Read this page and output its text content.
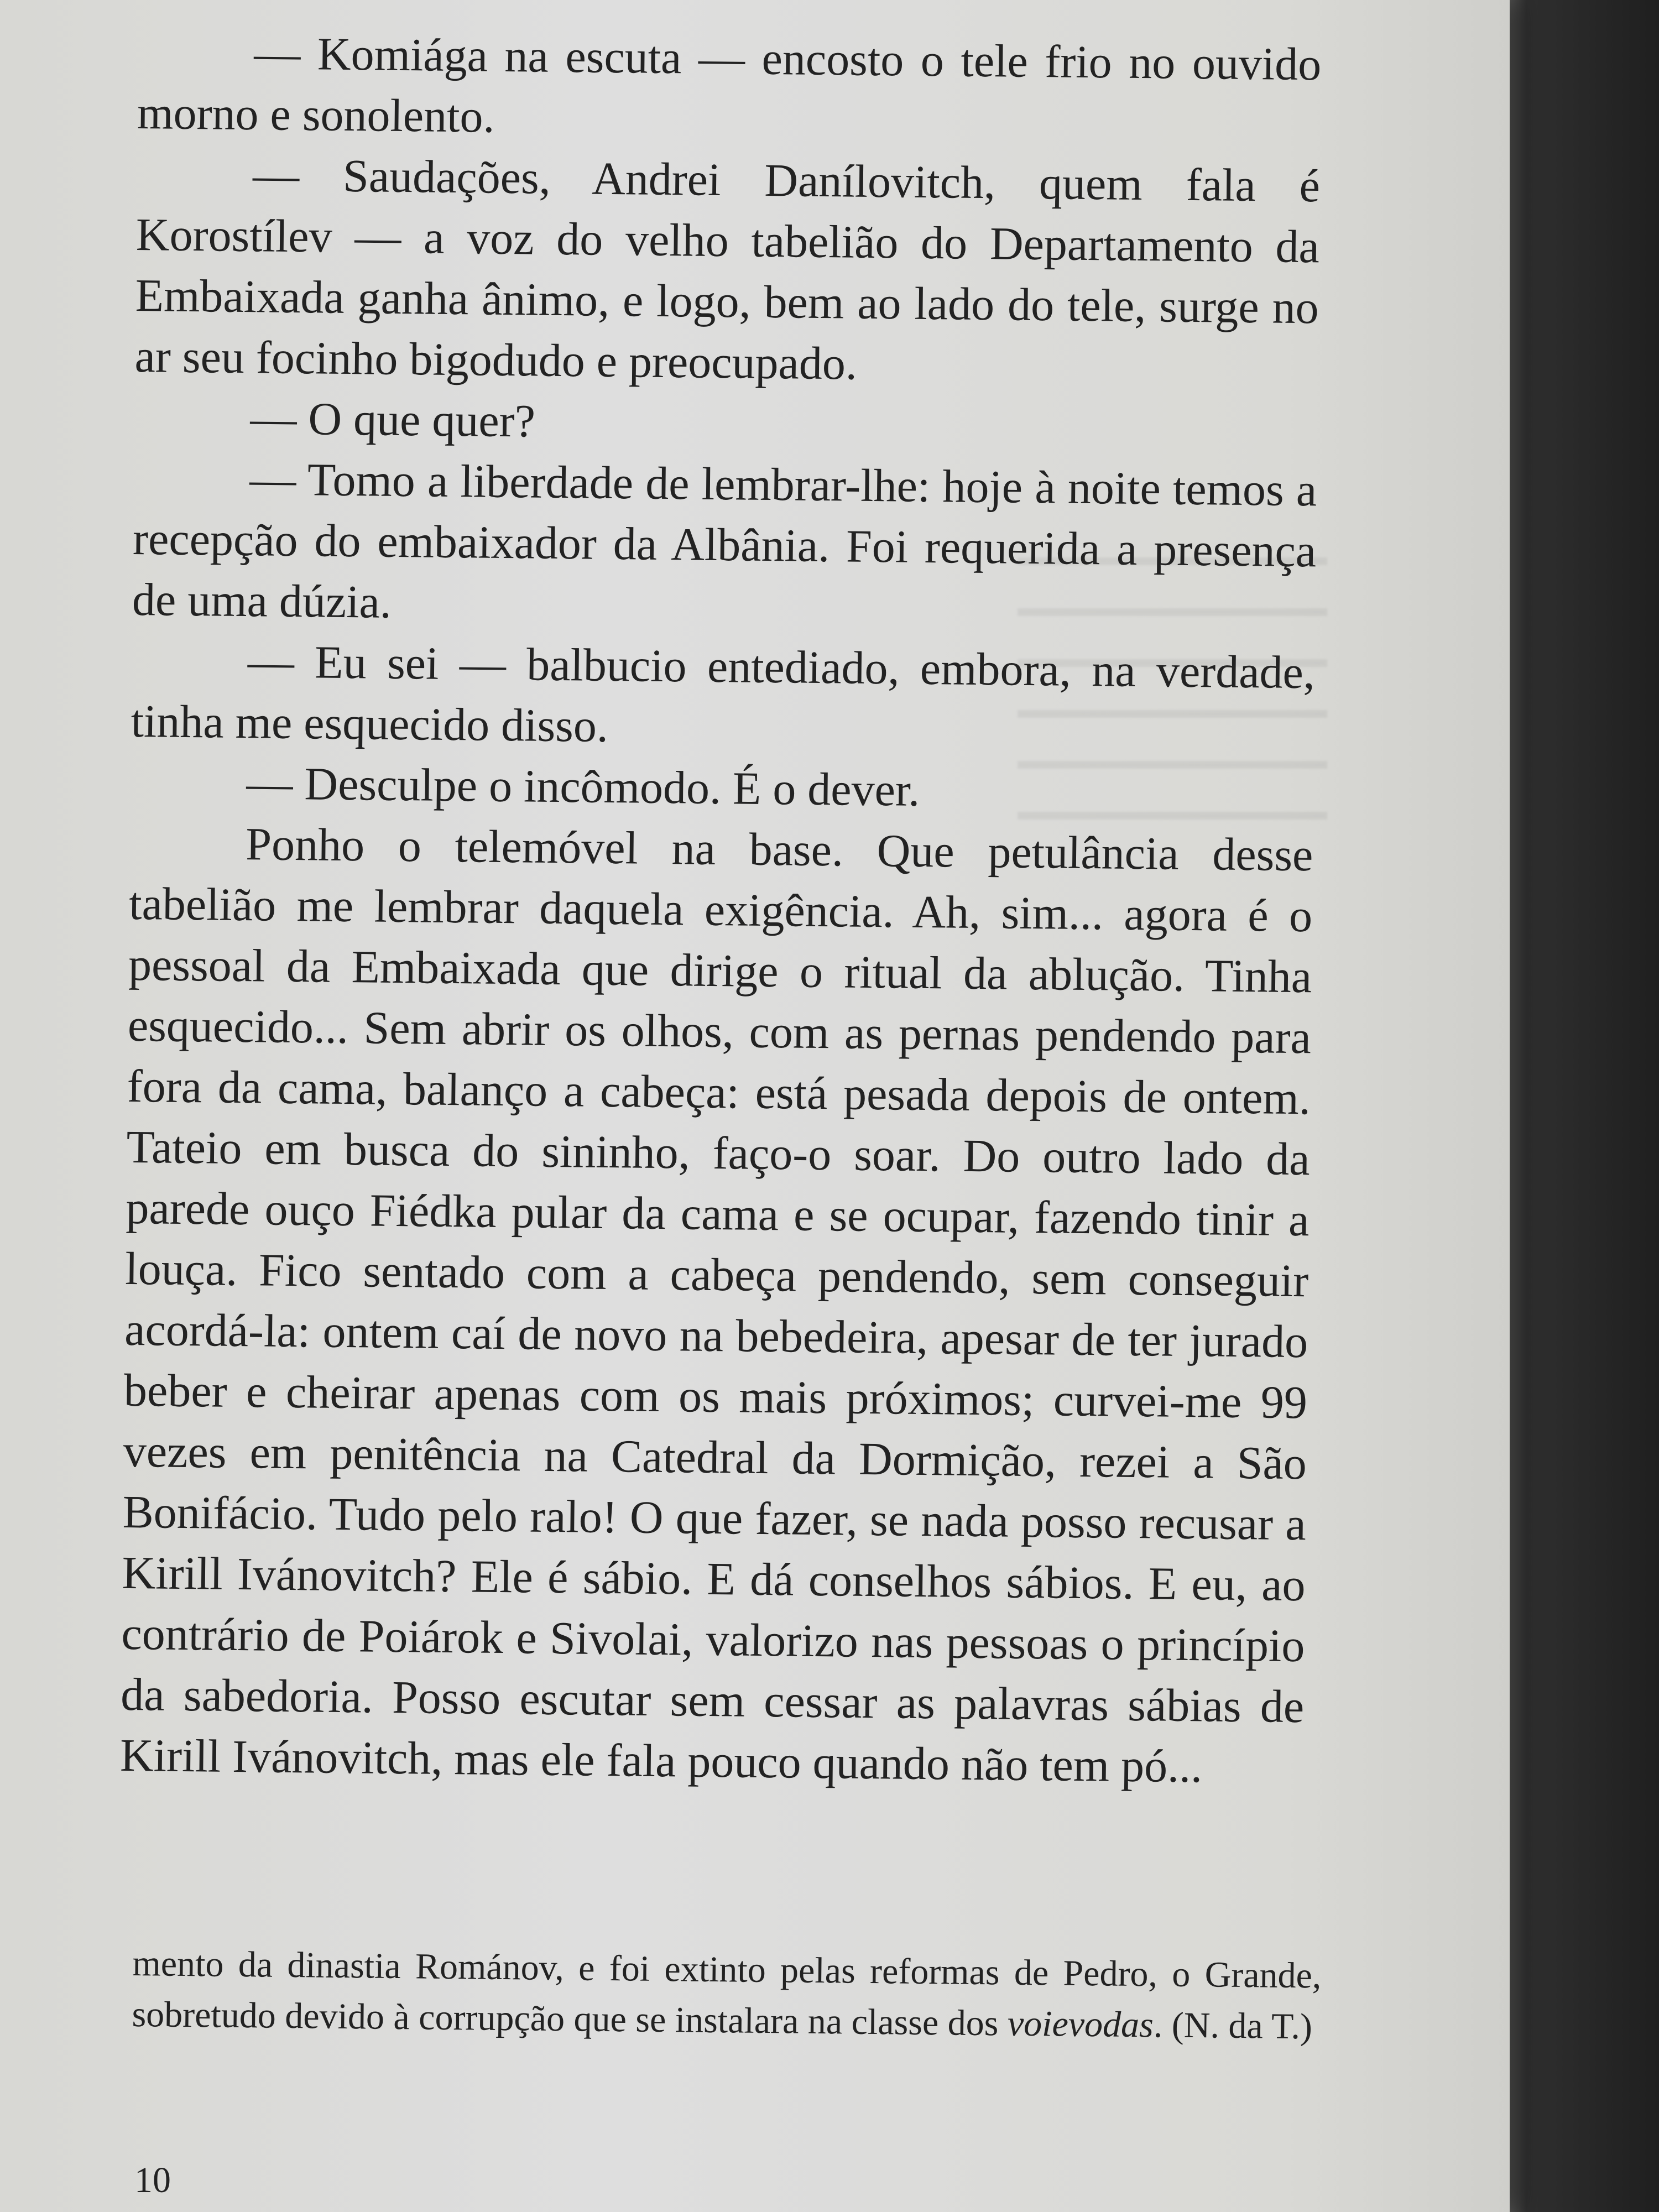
— Komiága na escuta — encosto o tele frio no ouvido morno e sonolento.

— Saudações, Andrei Danílovitch, quem fala é Korostílev — a voz do velho tabelião do Departamento da Embaixada ganha ânimo, e logo, bem ao lado do tele, surge no ar seu focinho bigodudo e preocupado.

— O que quer?

— Tomo a liberdade de lembrar-lhe: hoje à noite temos a recepção do embaixador da Albânia. Foi requerida a presença de uma dúzia.

— Eu sei — balbucio entediado, embora, na verdade, tinha me esquecido disso.

— Desculpe o incômodo. É o dever.

Ponho o telemóvel na base. Que petulância desse tabelião me lembrar daquela exigência. Ah, sim... agora é o pessoal da Embaixada que dirige o ritual da ablução. Tinha esquecido... Sem abrir os olhos, com as pernas pendendo para fora da cama, balanço a cabeça: está pesada depois de ontem. Tateio em busca do sininho, faço-o soar. Do outro lado da parede ouço Fiédka pular da cama e se ocupar, fazendo tinir a louça. Fico sentado com a cabeça pendendo, sem conseguir acordá-la: ontem caí de novo na bebedeira, apesar de ter jurado beber e cheirar apenas com os mais próximos; curvei-me 99 vezes em penitência na Catedral da Dormição, rezei a São Bonifácio. Tudo pelo ralo! O que fazer, se nada posso recusar a Kirill Ivánovitch? Ele é sábio. E dá conselhos sábios. E eu, ao contrário de Poiárok e Sivolai, valorizo nas pessoas o princípio da sabedoria. Posso escutar sem cessar as palavras sábias de Kirill Ivánovitch, mas ele fala pouco quando não tem pó...

mento da dinastia Románov, e foi extinto pelas reformas de Pedro, o Grande, sobretudo devido à corrupção que se instalara na classe dos voievodas. (N. da T.)
10
